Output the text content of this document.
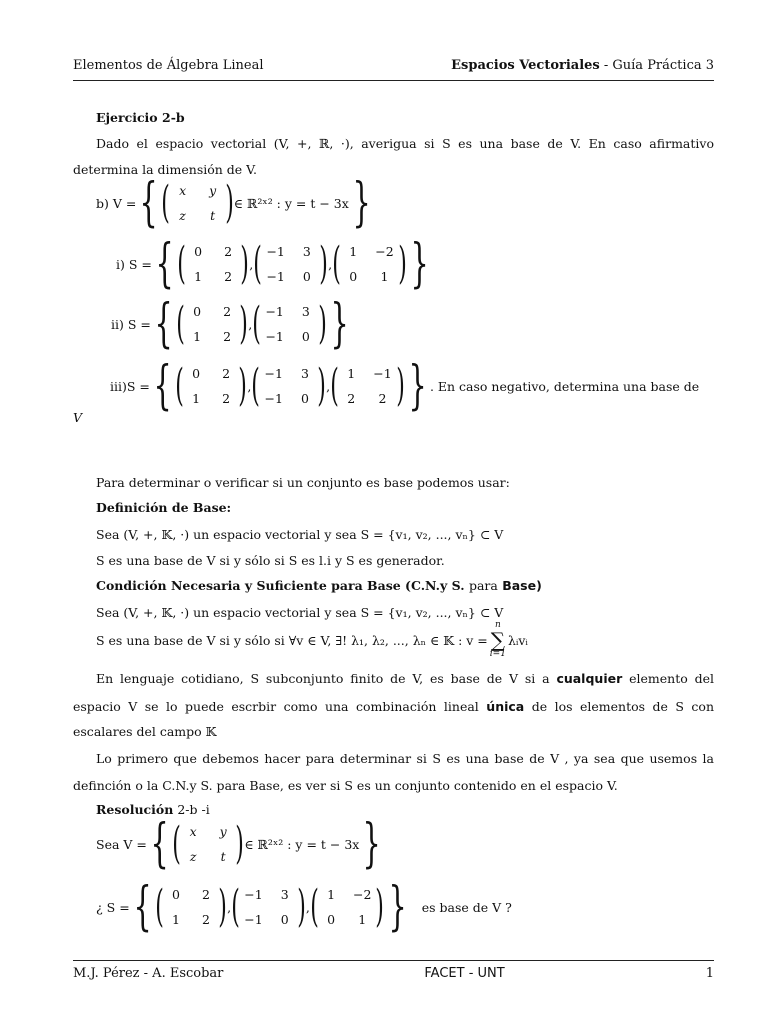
Elementos de Álgebra Lineal	Espacios Vectoriales - Guía Práctica 3
Ejercicio 2-b
Dado el espacio vectorial (V, +, ℝ, ·), averigua si S es una base de V. En caso afirmativo
determina la dimensión de V.
b) V = { ( x	y
z	t ) ∈ ℝ²ˣ² : y = t − 3x }
i) S = { ( 0	2
1	2 ) , ( −1	3
−1	0 ) , ( 1	−2
0	1 ) }
ii) S = { ( 0	2
1	2 ) , ( −1	3
−1	0 ) }
iii)S = { ( 0	2
1	2 ) , ( −1	3
−1	0 ) , ( 1	−1
2	2 ) } . En caso negativo, determina una base de
V
Para determinar o verificar si un conjunto es base podemos usar:
Definición de Base:
Sea (V, +, 𝕂, ·) un espacio vectorial y sea S = {v₁, v₂, ..., vₙ} ⊂ V
S es una base de V si y sólo si S es l.i y S es generador.
Condición Necesaria y Suficiente para Base (C.N.y S. para Base)
Sea (V, +, 𝕂, ·) un espacio vectorial y sea S = {v₁, v₂, ..., vₙ} ⊂ V
S es una base de V si y sólo si ∀v ∈ V, ∃! λ₁, λ₂, ..., λₙ ∈ 𝕂 : v =
n
∑
i=1
λᵢvᵢ
En lenguaje cotidiano, S subconjunto finito de V, es base de V si a cualquier elemento del
espacio V se lo puede escrbir como una combinación lineal única de los elementos de S con
escalares del campo 𝕂
Lo primero que debemos hacer para determinar si S es una base de V , ya sea que usemos la
definción o la C.N.y S. para Base, es ver si S es un conjunto contenido en el espacio V.
Resolución 2-b -i
Sea V = { ( x	y
z	t ) ∈ ℝ²ˣ² : y = t − 3x }
¿ S = { ( 0	2
1	2 ) , ( −1	3
−1	0 ) , ( 1	−2
0	1 ) } es base de V ?
M.J. Pérez - A. Escobar	FACET - UNT	1
